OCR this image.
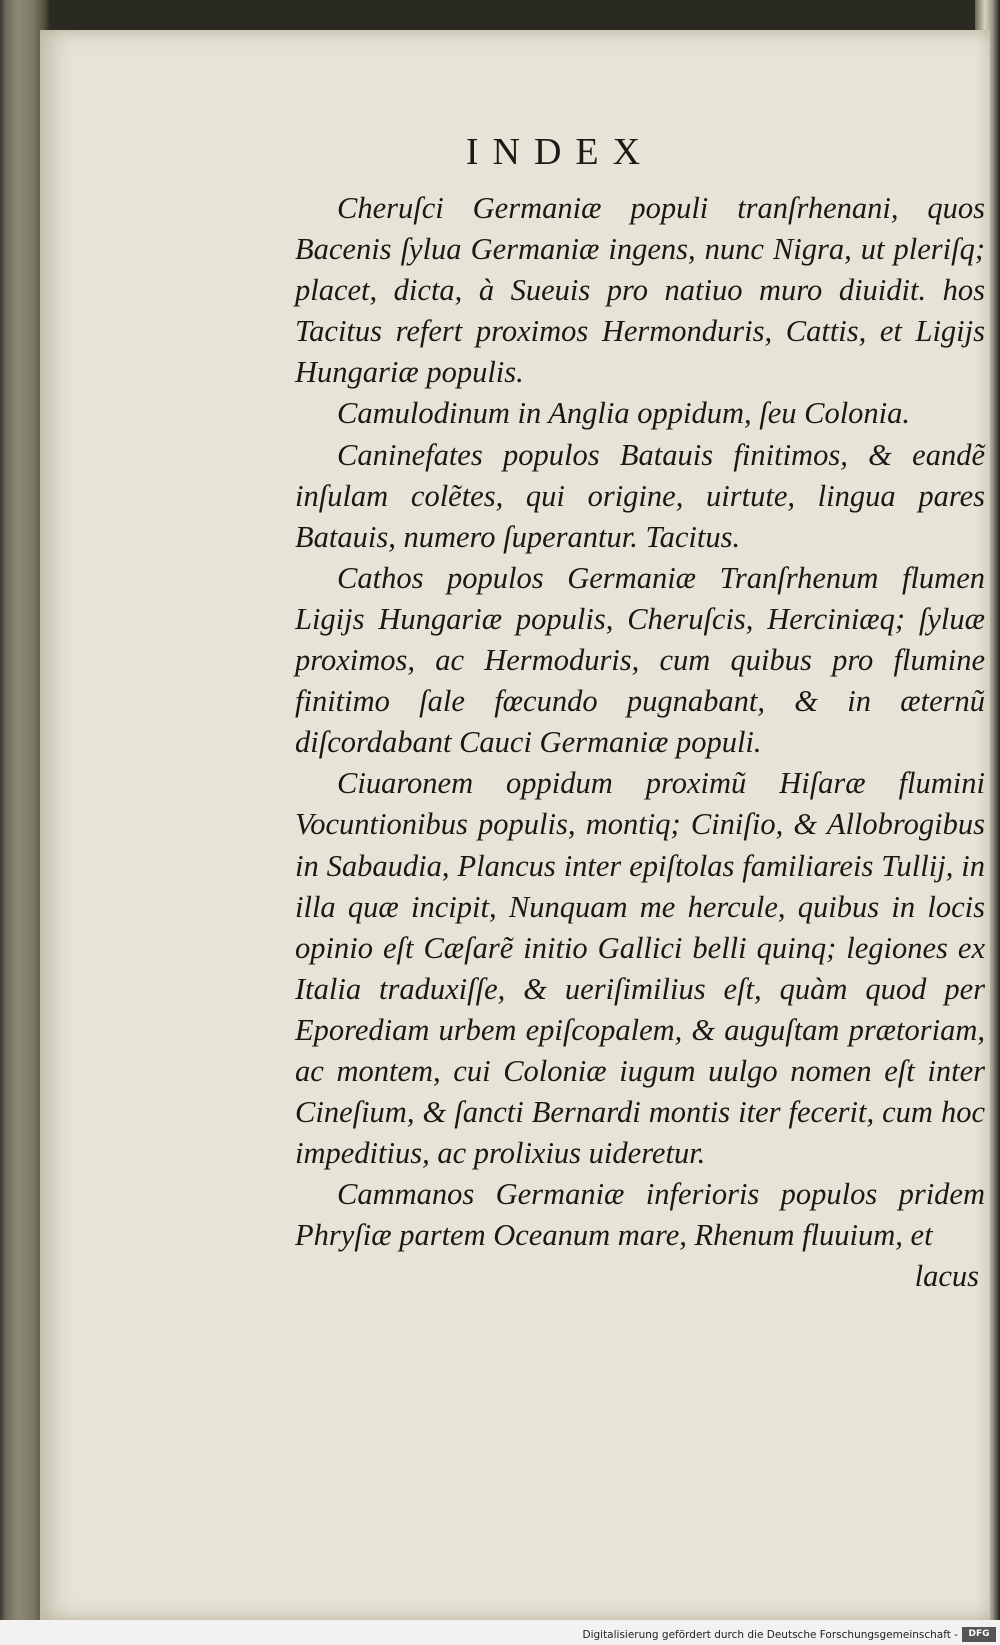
INDEX

Cheruſci Germaniæ populi tranſrhenani, quos Bacenis ſylua Germaniæ ingens, nunc Nigra, ut pleriſq; placet, dicta, à Sueuis pro natiuo muro diuidit. hos Tacitus refert proximos Hermonduris, Cattis, et Ligijs Hungariæ populis.

Camulodinum in Anglia oppidum, ſeu Colonia.

Caninefates populos Batauis finitimos, & eandẽ inſulam colẽtes, qui origine, uirtute, lingua pares Batauis, numero ſuperantur. Tacitus.

Cathos populos Germaniæ Tranſrhenum flumen Ligijs Hungariæ populis, Cheruſcis, Herciniæq; ſyluæ proximos, ac Hermoduris, cum quibus pro flumine finitimo ſale fœcundo pugnabant, & in æternũ diſcordabant Cauci Germaniæ populi.

Ciuaronem oppidum proximũ Hiſaræ flumini Vocuntionibus populis, montiq; Ciniſio, & Allobrogibus in Sabaudia, Plancus inter epiſtolas familiareis Tullij, in illa quæ incipit, Nunquam me hercule, quibus in locis opinio eſt Cæſarẽ initio Gallici belli quinq; legiones ex Italia traduxiſſe, & ueriſimilius eſt, quàm quod per Eporediam urbem epiſcopalem, & auguſtam prætoriam, ac montem, cui Coloniæ iugum uulgo nomen eſt inter Cineſium, & ſancti Bernardi montis iter fecerit, cum hoc impeditius, ac prolixius uideretur.

Cammanos Germaniæ inferioris populos pridem Phryſiæ partem Oceanum mare, Rhenum fluuium, et

lacus

Digitalisierung gefördert durch die Deutsche Forschungsgemeinschaft -	DFG
